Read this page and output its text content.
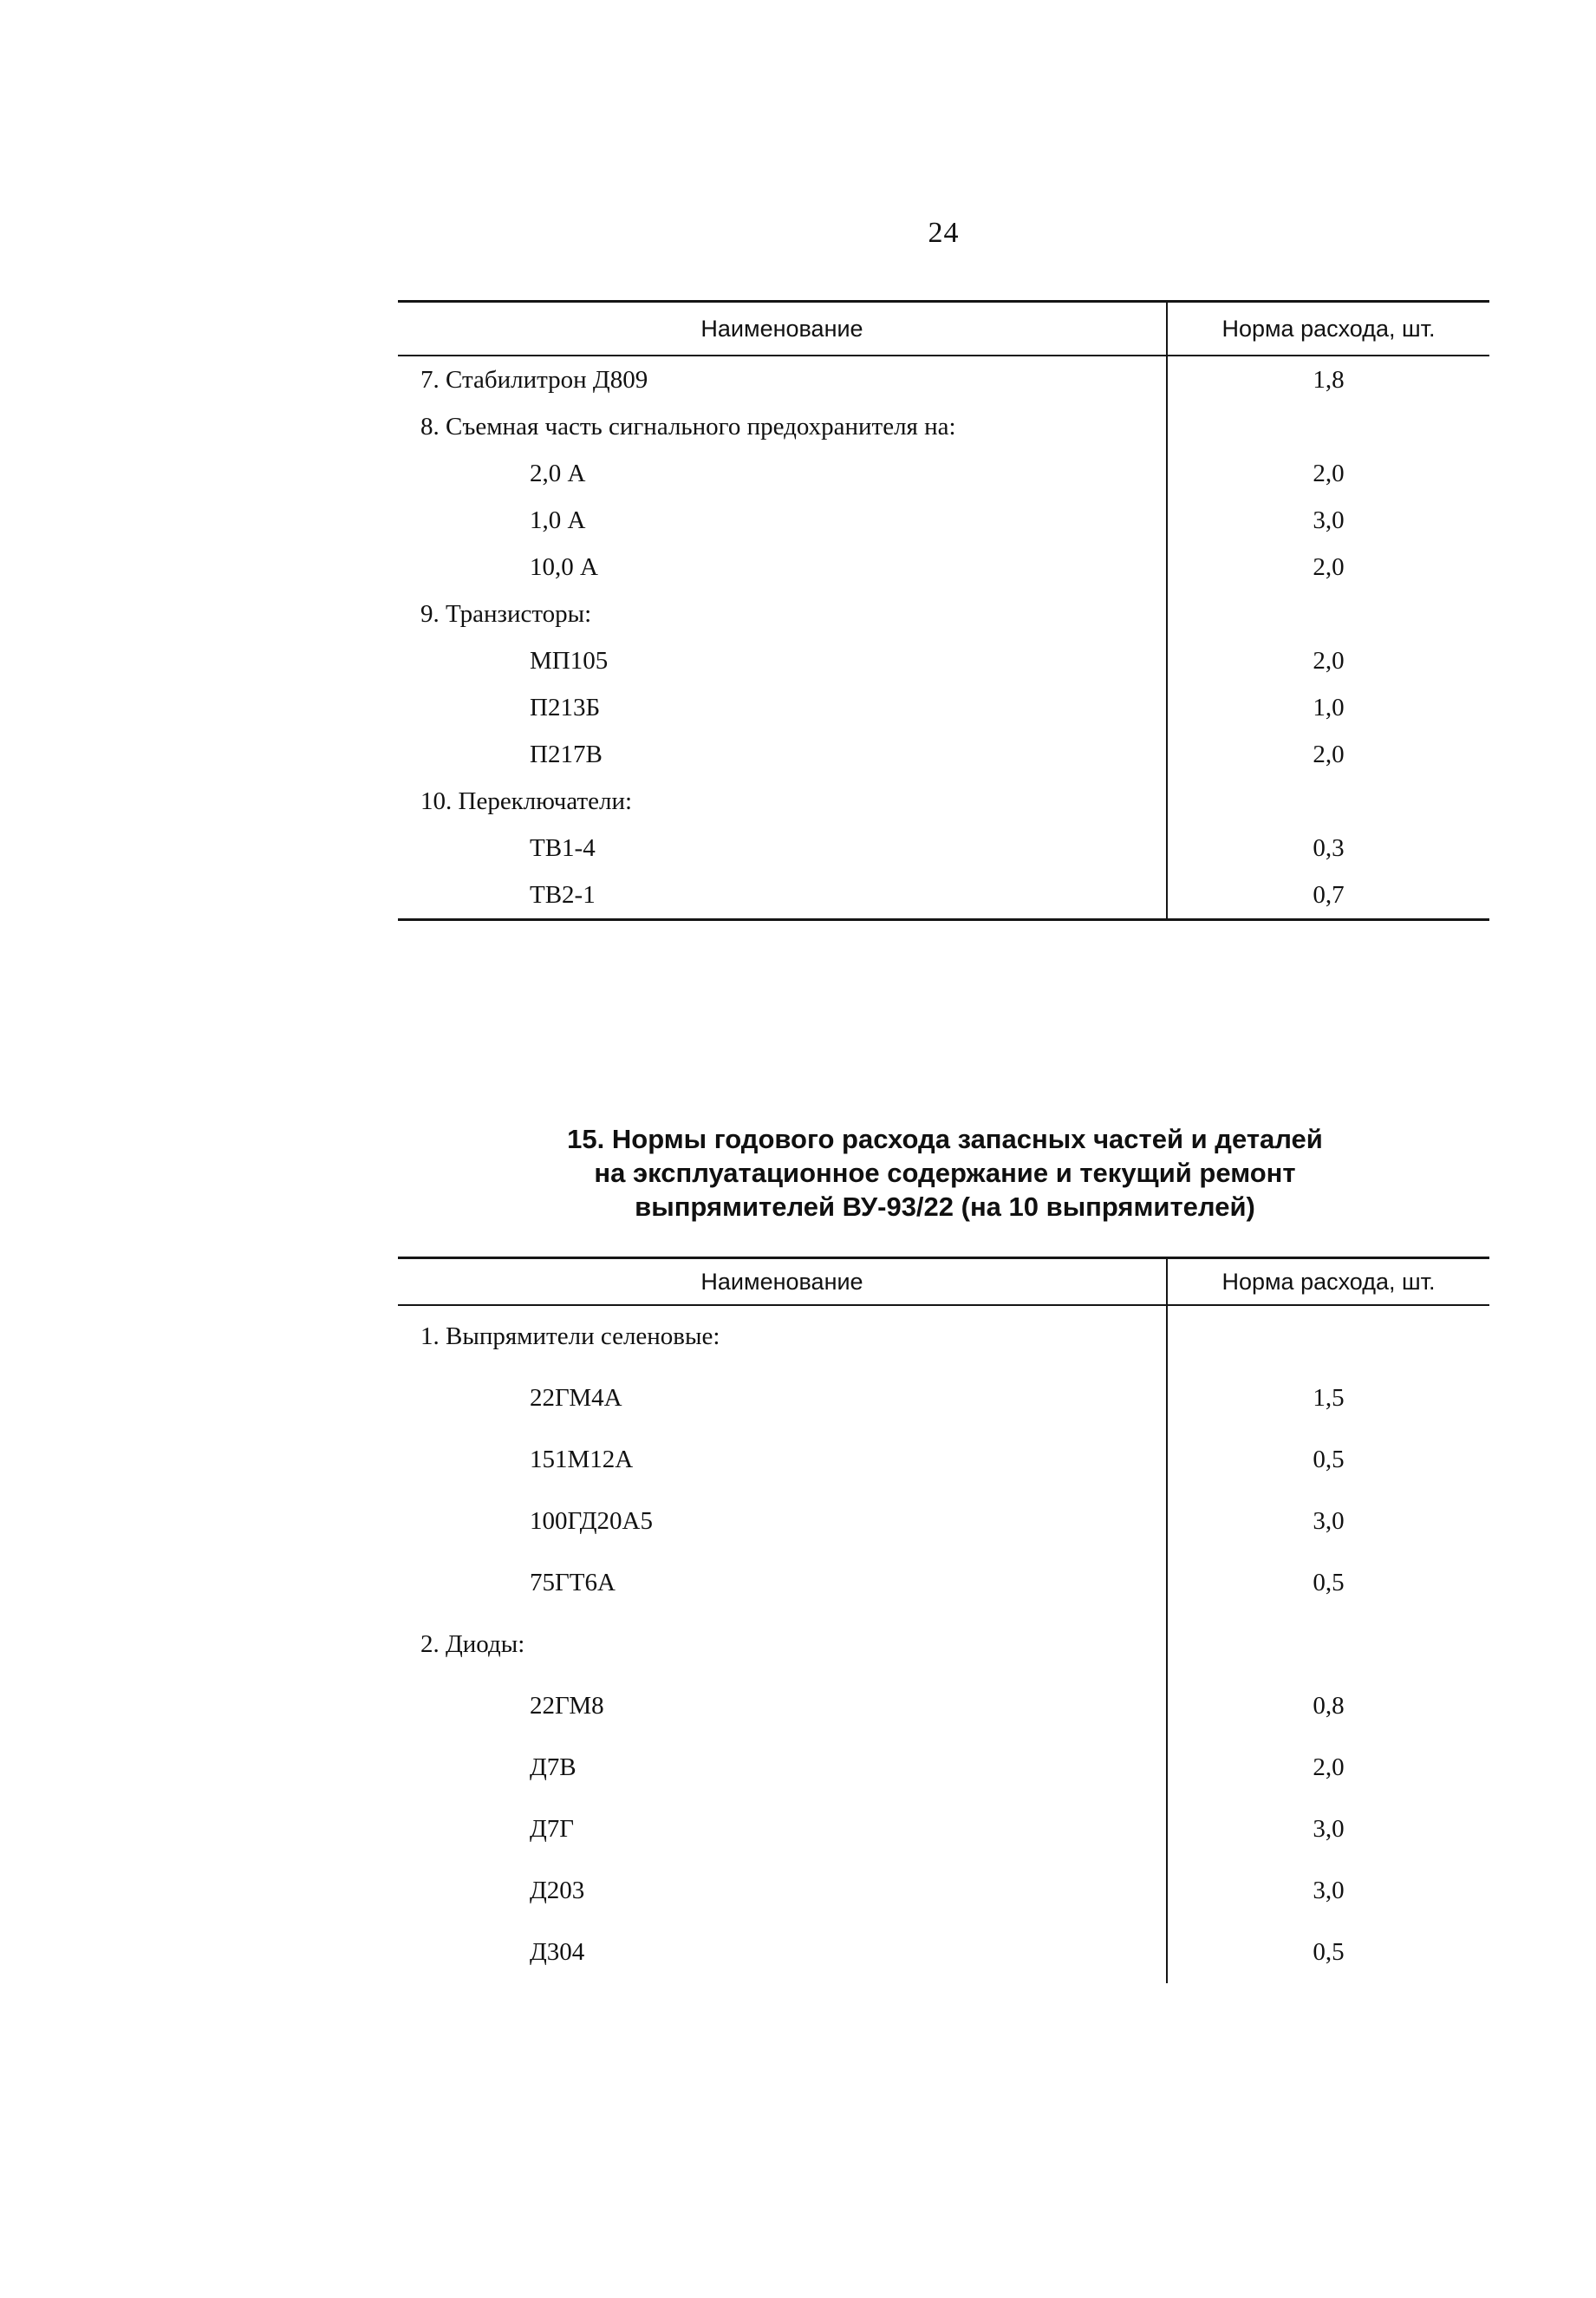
24
Наименование	Норма расхода, шт.
7. Стабилитрон Д809	1,8
8. Съемная часть сигнального предохранителя на:
2,0 А	2,0
1,0 А	3,0
10,0 А	2,0
9. Транзисторы:
МП105	2,0
П213Б	1,0
П217В	2,0
10. Переключатели:
ТВ1-4	0,3
ТВ2-1	0,7
15. Нормы годового расхода запасных частей и деталей
на эксплуатационное содержание и текущий ремонт
выпрямителей ВУ-93/22 (на 10 выпрямителей)
Наименование	Норма расхода, шт.
1. Выпрямители селеновые:
22ГМ4А	1,5
151М12А	0,5
100ГД20А5	3,0
75ГТ6А	0,5
2. Диоды:
22ГМ8	0,8
Д7В	2,0
Д7Г	3,0
Д203	3,0
Д304	0,5
